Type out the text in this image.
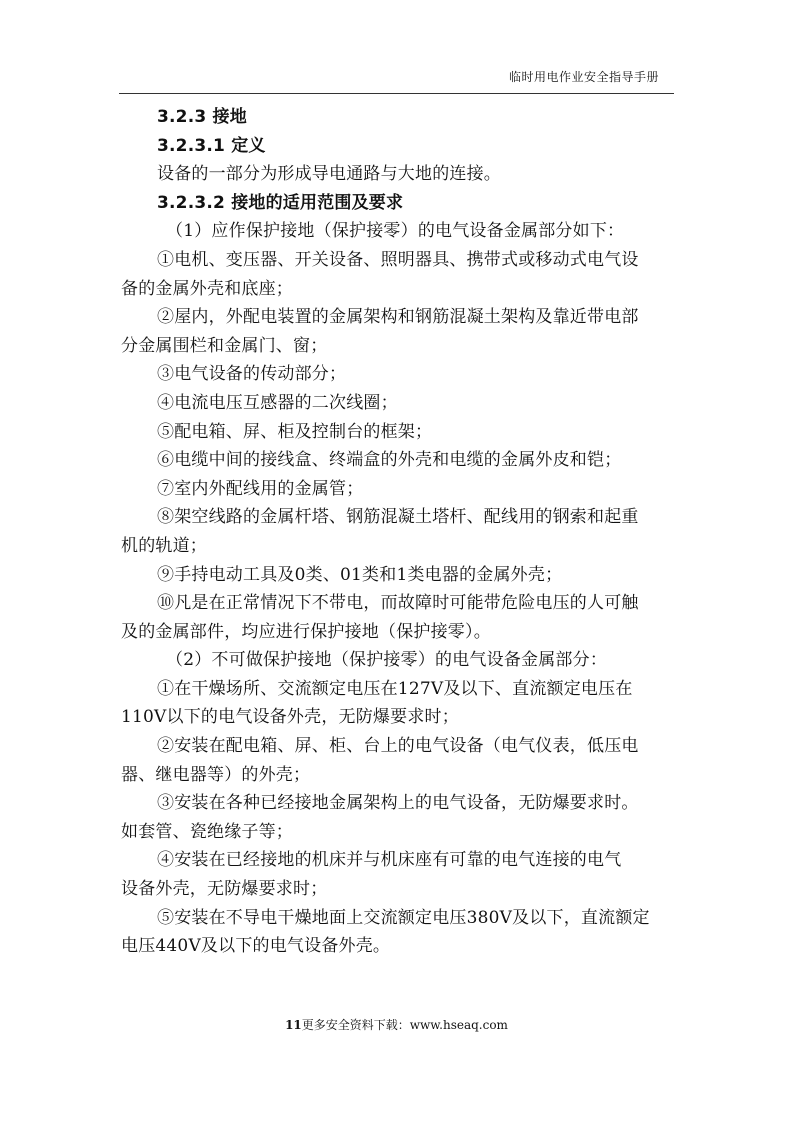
临时用电作业安全指导手册
3.2.3 接地
3.2.3.1 定义
设备的一部分为形成导电通路与大地的连接。
3.2.3.2 接地的适用范围及要求
（1）应作保护接地（保护接零）的电气设备金属部分如下：
①电机、变压器、开关设备、照明器具、携带式或移动式电气设
备的金属外壳和底座；
②屋内，外配电装置的金属架构和钢筋混凝土架构及靠近带电部
分金属围栏和金属门、窗；
③电气设备的传动部分；
④电流电压互感器的二次线圈；
⑤配电箱、屏、柜及控制台的框架；
⑥电缆中间的接线盒、终端盒的外壳和电缆的金属外皮和铠；
⑦室内外配线用的金属管；
⑧架空线路的金属杆塔、钢筋混凝土塔杆、配线用的钢索和起重
机的轨道；
⑨手持电动工具及0类、01类和1类电器的金属外壳；
⑩凡是在正常情况下不带电，而故障时可能带危险电压的人可触
及的金属部件，均应进行保护接地（保护接零）。
（2）不可做保护接地（保护接零）的电气设备金属部分：
①在干燥场所、交流额定电压在127V及以下、直流额定电压在
110V以下的电气设备外壳，无防爆要求时；
②安装在配电箱、屏、柜、台上的电气设备（电气仪表，低压电
器、继电器等）的外壳；
③安装在各种已经接地金属架构上的电气设备，无防爆要求时。
如套管、瓷绝缘子等；
④安装在已经接地的机床并与机床座有可靠的电气连接的电气
设备外壳，无防爆要求时；
⑤安装在不导电干燥地面上交流额定电压380V及以下，直流额定
电压440V及以下的电气设备外壳。
11更多安全资料下载：www.hseaq.com
